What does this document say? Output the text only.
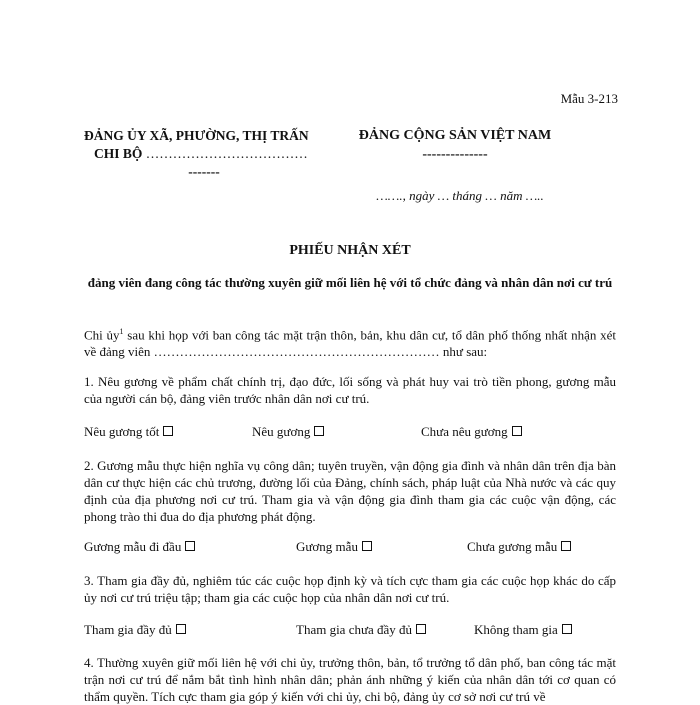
Mẫu 3-213
ĐẢNG ỦY XÃ, PHƯỜNG, THỊ TRẤN
CHI BỘ ………………………………
-------
ĐẢNG CỘNG SẢN VIỆT NAM
--------------
……., ngày … tháng … năm …..
PHIẾU NHẬN XÉT
đảng viên đang công tác thường xuyên giữ mối liên hệ với tổ chức đảng và nhân dân nơi cư trú
Chi ủy$^1$ sau khi họp với ban công tác mặt trận thôn, bản, khu dân cư, tổ dân phố thống nhất nhận xét về đảng viên ………………………………………………………… như sau:
1. Nêu gương về phẩm chất chính trị, đạo đức, lối sống và phát huy vai trò tiền phong, gương mẫu của người cán bộ, đảng viên trước nhân dân nơi cư trú.
Nêu gương tốt	Nêu gương	Chưa nêu gương
2. Gương mẫu thực hiện nghĩa vụ công dân; tuyên truyền, vận động gia đình và nhân dân trên địa bàn dân cư thực hiện các chủ trương, đường lối của Đảng, chính sách, pháp luật của Nhà nước và các quy định của địa phương nơi cư trú. Tham gia và vận động gia đình tham gia các cuộc vận động, các phong trào thi đua do địa phương phát động.
Gương mẫu đi đầu	Gương mẫu	Chưa gương mẫu
3. Tham gia đầy đủ, nghiêm túc các cuộc họp định kỳ và tích cực tham gia các cuộc họp khác do cấp ủy nơi cư trú triệu tập; tham gia các cuộc họp của nhân dân nơi cư trú.
Tham gia đầy đủ	Tham gia chưa đầy đủ	Không tham gia
4. Thường xuyên giữ mối liên hệ với chi ủy, trưởng thôn, bản, tổ trưởng tổ dân phố, ban công tác mặt trận nơi cư trú để nắm bắt tình hình nhân dân; phản ánh những ý kiến của nhân dân tới cơ quan có thẩm quyền. Tích cực tham gia góp ý kiến với chi ủy, chi bộ, đảng ủy cơ sở nơi cư trú về
